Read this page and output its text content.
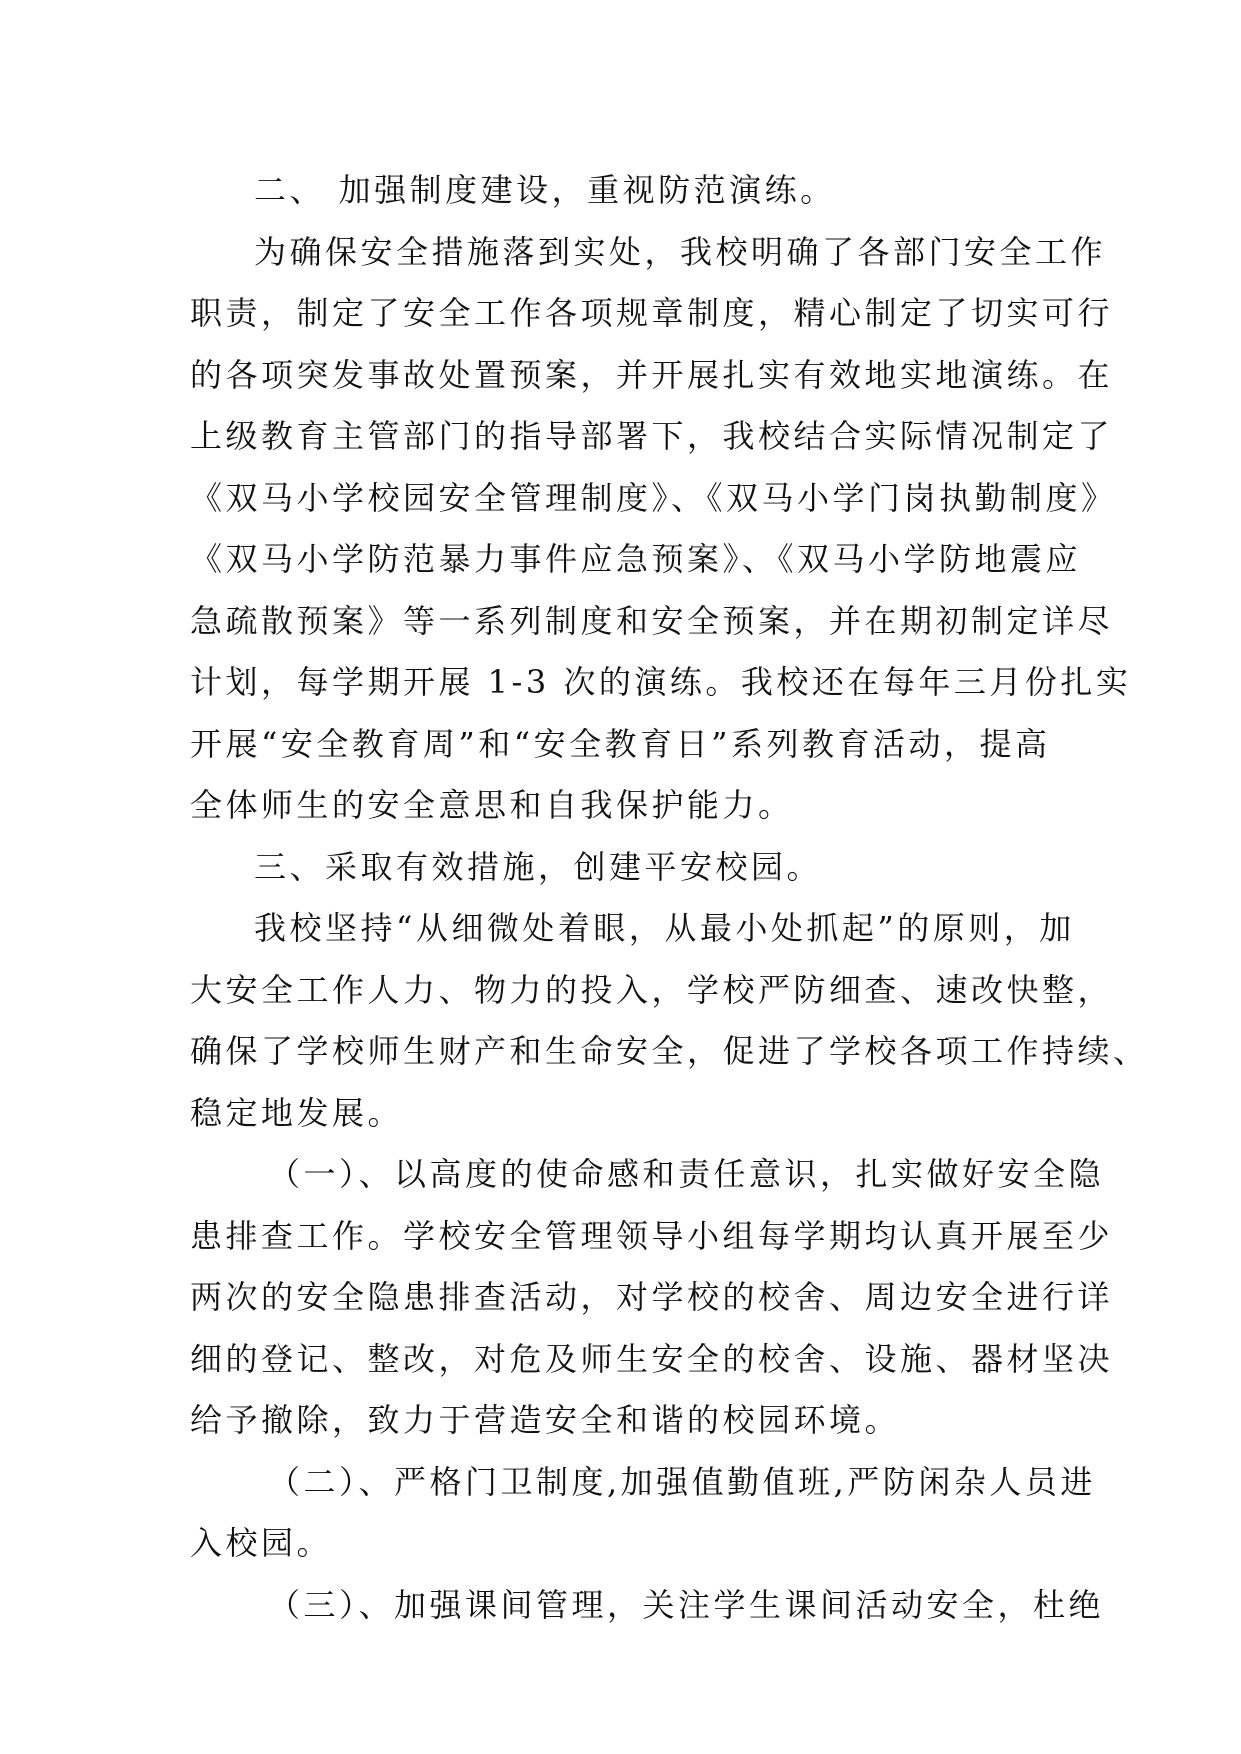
二、 加强制度建设，重视防范演练。
为确保安全措施落到实处，我校明确了各部门安全工作
职责，制定了安全工作各项规章制度，精心制定了切实可行
的各项突发事故处置预案，并开展扎实有效地实地演练。在
上级教育主管部门的指导部署下，我校结合实际情况制定了
《双马小学校园安全管理制度》、《双马小学门岗执勤制度》
《双马小学防范暴力事件应急预案》、《双马小学防地震应
急疏散预案》等一系列制度和安全预案，并在期初制定详尽
计划，每学期开展 1-3 次的演练。我校还在每年三月份扎实
开展“安全教育周”和“安全教育日”系列教育活动，提高
全体师生的安全意思和自我保护能力。
三、采取有效措施，创建平安校园。
我校坚持“从细微处着眼，从最小处抓起”的原则，加
大安全工作人力、物力的投入，学校严防细查、速改快整，
确保了学校师生财产和生命安全，促进了学校各项工作持续、
稳定地发展。
（一）、以高度的使命感和责任意识，扎实做好安全隐
患排查工作。学校安全管理领导小组每学期均认真开展至少
两次的安全隐患排查活动，对学校的校舍、周边安全进行详
细的登记、整改，对危及师生安全的校舍、设施、器材坚决
给予撤除，致力于营造安全和谐的校园环境。
（二）、严格门卫制度,加强值勤值班,严防闲杂人员进
入校园。
（三）、加强课间管理，关注学生课间活动安全，杜绝
